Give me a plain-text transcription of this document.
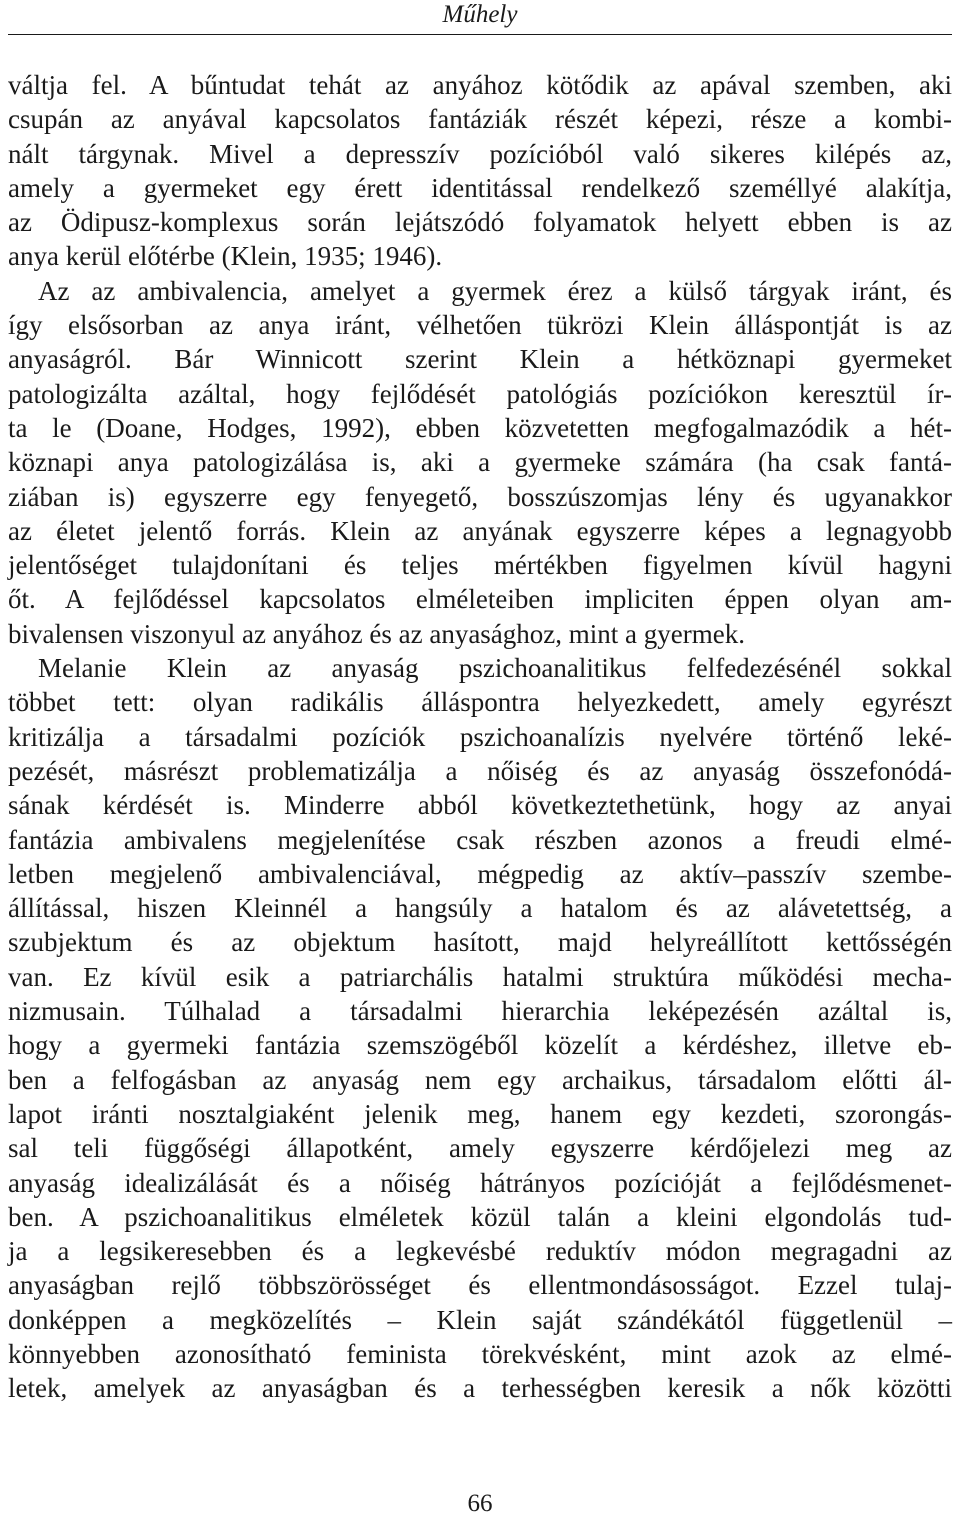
Műhely
váltja fel. A bűntudat tehát az anyához kötődik az apával szemben, aki
csupán az anyával kapcsolatos fantáziák részét képezi, része a kombi-
nált tárgynak. Mivel a depresszív pozícióból való sikeres kilépés az,
amely a gyermeket egy érett identitással rendelkező személlyé alakítja,
az Ödipusz-komplexus során lejátszódó folyamatok helyett ebben is az
anya kerül előtérbe (Klein, 1935; 1946).
Az az ambivalencia, amelyet a gyermek érez a külső tárgyak iránt, és
így elsősorban az anya iránt, vélhetően tükrözi Klein álláspontját is az
anyaságról. Bár Winnicott szerint Klein a hétköznapi gyermeket
patologizálta azáltal, hogy fejlődését patológiás pozíciókon keresztül ír-
ta le (Doane, Hodges, 1992), ebben közvetetten megfogalmazódik a hét-
köznapi anya patologizálása is, aki a gyermeke számára (ha csak fantá-
ziában is) egyszerre egy fenyegető, bosszúszomjas lény és ugyanakkor
az életet jelentő forrás. Klein az anyának egyszerre képes a legnagyobb
jelentőséget tulajdonítani és teljes mértékben figyelmen kívül hagyni
őt. A fejlődéssel kapcsolatos elméleteiben impliciten éppen olyan am-
bivalensen viszonyul az anyához és az anyasághoz, mint a gyermek.
Melanie Klein az anyaság pszichoanalitikus felfedezésénél sokkal
többet tett: olyan radikális álláspontra helyezkedett, amely egyrészt
kritizálja a társadalmi pozíciók pszichoanalízis nyelvére történő leké-
pezését, másrészt problematizálja a nőiség és az anyaság összefonódá-
sának kérdését is. Minderre abból következtethetünk, hogy az anyai
fantázia ambivalens megjelenítése csak részben azonos a freudi elmé-
letben megjelenő ambivalenciával, mégpedig az aktív–passzív szembe-
állítással, hiszen Kleinnél a hangsúly a hatalom és az alávetettség, a
szubjektum és az objektum hasított, majd helyreállított kettősségén
van. Ez kívül esik a patriarchális hatalmi struktúra működési mecha-
nizmusain. Túlhalad a társadalmi hierarchia leképezésén azáltal is,
hogy a gyermeki fantázia szemszögéből közelít a kérdéshez, illetve eb-
ben a felfogásban az anyaság nem egy archaikus, társadalom előtti ál-
lapot iránti nosztalgiaként jelenik meg, hanem egy kezdeti, szorongás-
sal teli függőségi állapotként, amely egyszerre kérdőjelezi meg az
anyaság idealizálását és a nőiség hátrányos pozícióját a fejlődésmenet-
ben. A pszichoanalitikus elméletek közül talán a kleini elgondolás tud-
ja a legsikeresebben és a legkevésbé reduktív módon megragadni az
anyaságban rejlő többszörösséget és ellentmondásosságot. Ezzel tulaj-
donképpen a megközelítés – Klein saját szándékától függetlenül –
könnyebben azonosítható feminista törekvésként, mint azok az elmé-
letek, amelyek az anyaságban és a terhességben keresik a nők közötti
66
